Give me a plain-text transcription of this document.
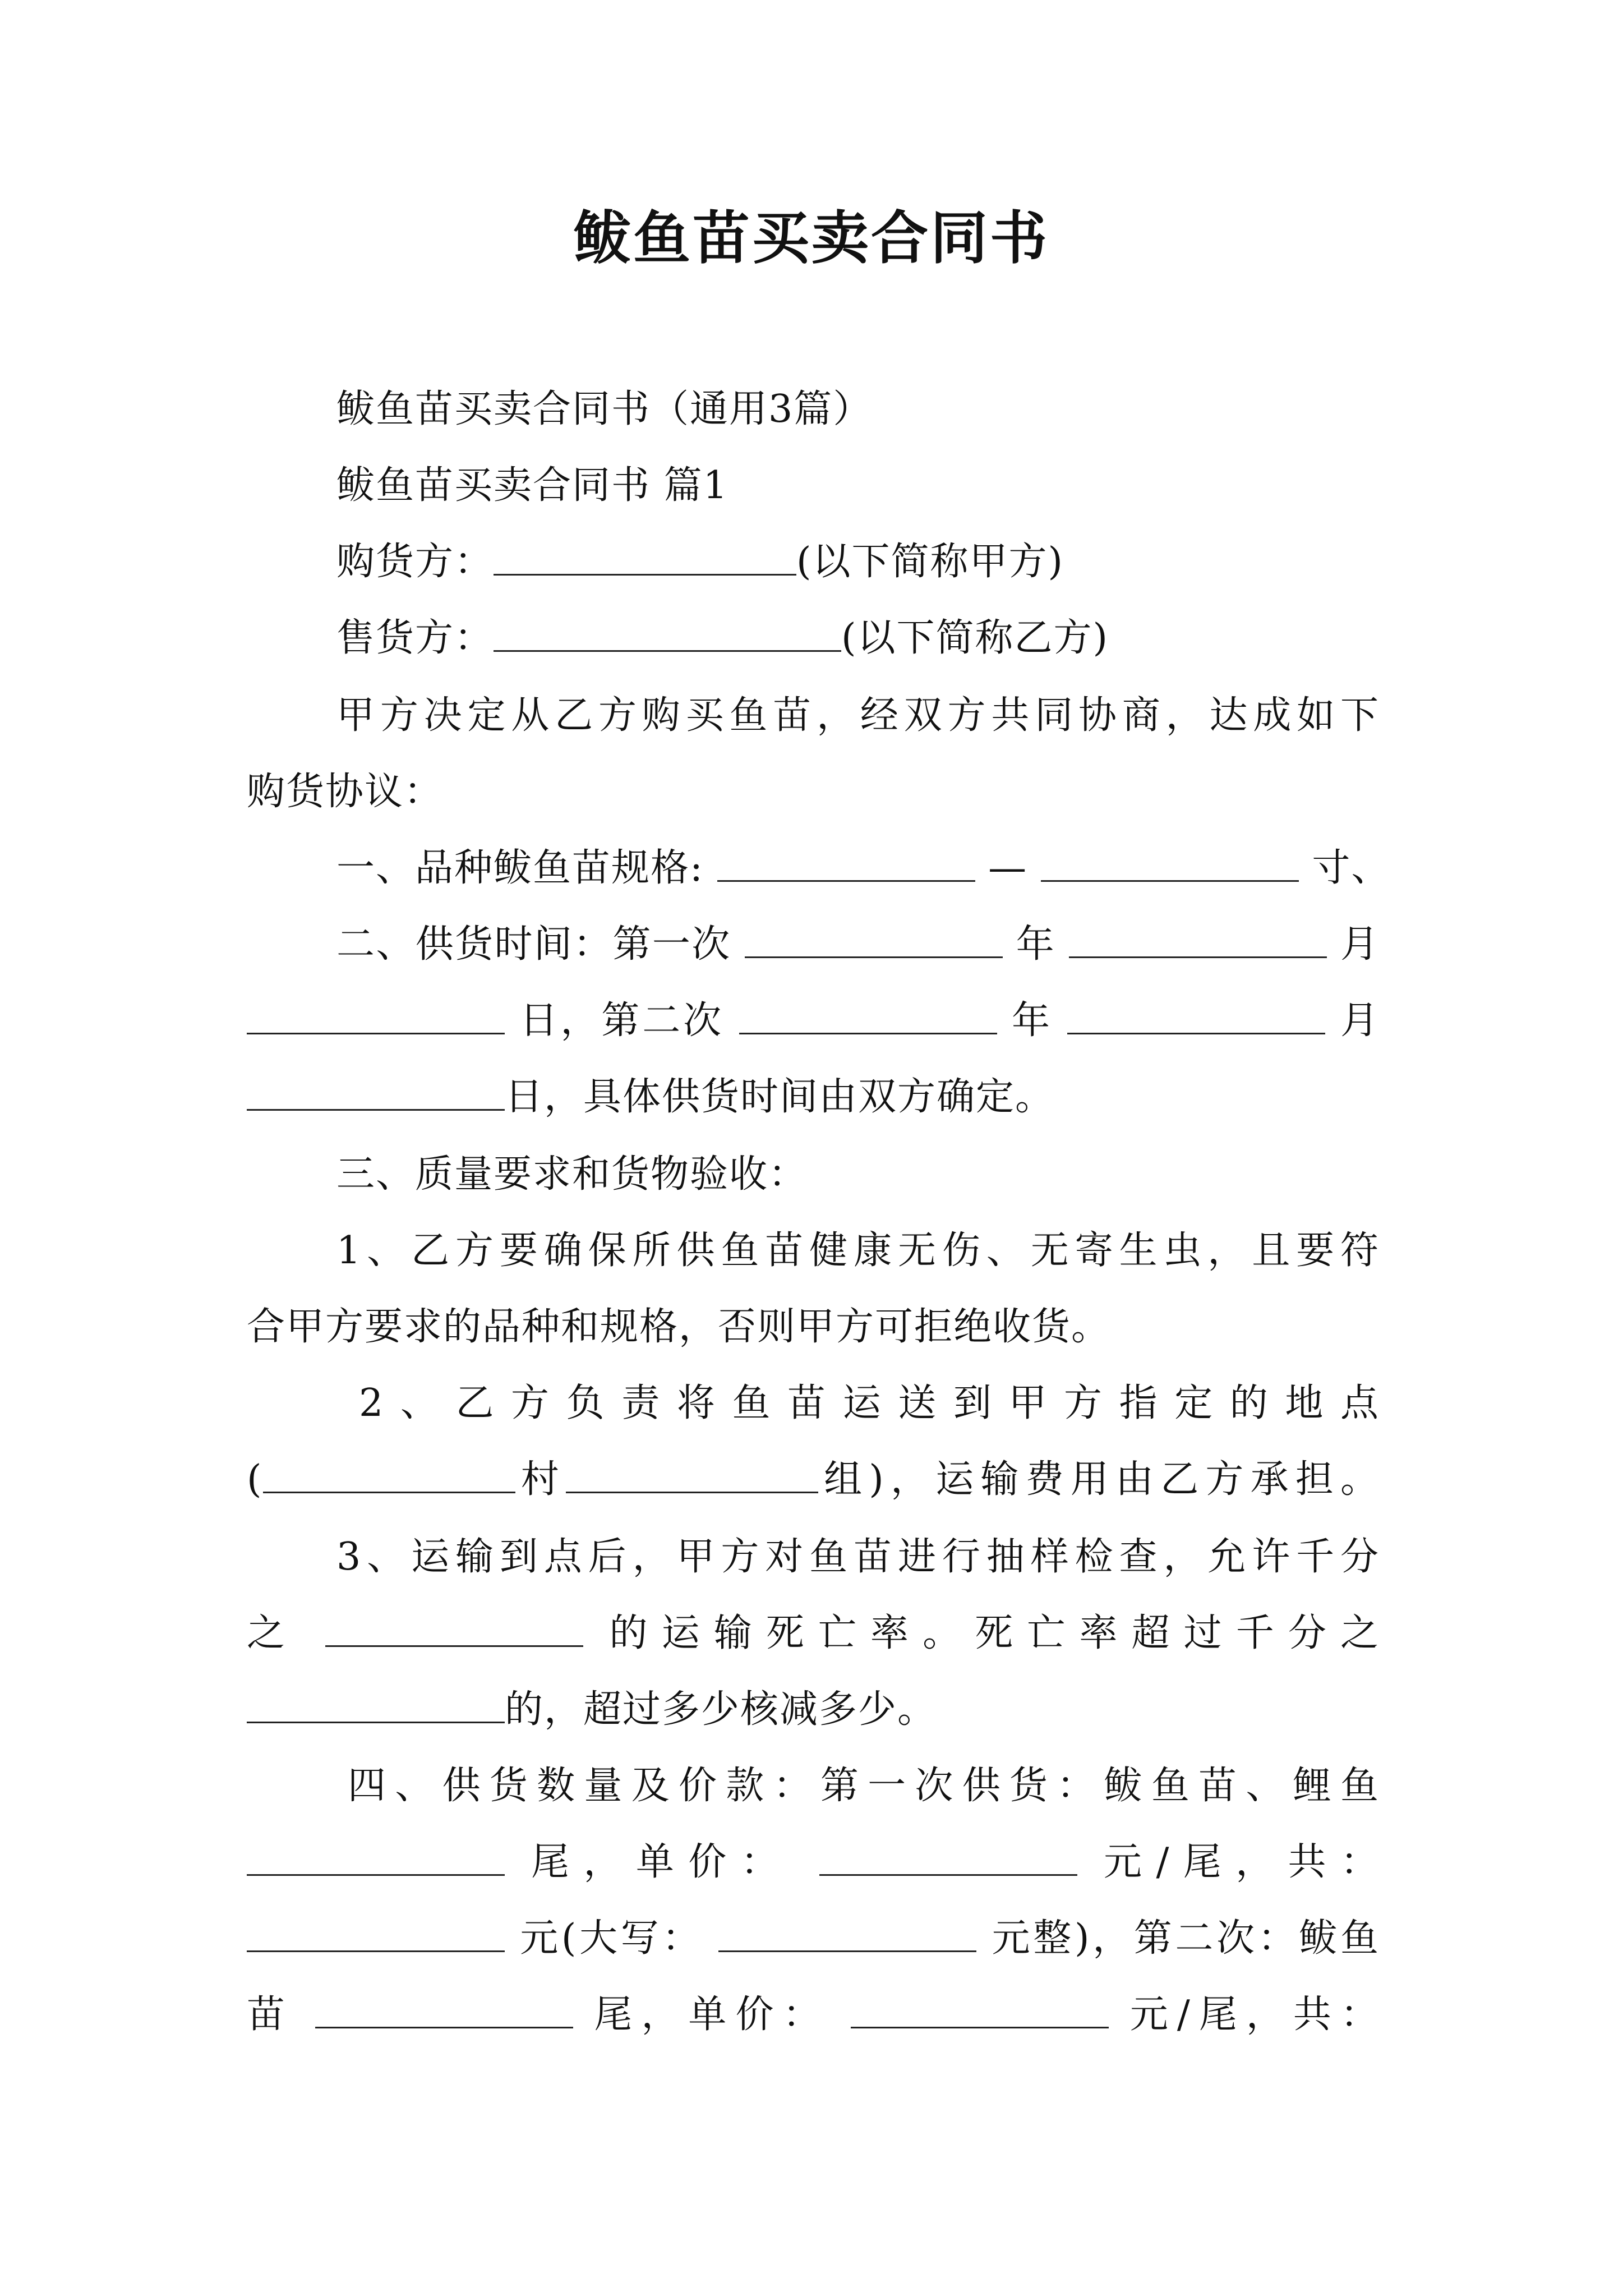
鲅鱼苗买卖合同书
鲅鱼苗买卖合同书（通用3篇）
鲅鱼苗买卖合同书 篇1
购货方：	(以下简称甲方)
售货方：	(以下简称乙方)
甲方决定从乙方购买鱼苗，经双方共同协商，达成如下
购货协议：
一、品种鲅鱼苗规格:	—	寸、
二、供货时间：第一次	年	月
日，第二次	年	月
日，具体供货时间由双方确定。
三、质量要求和货物验收：
1、乙方要确保所供鱼苗健康无伤、无寄生虫，且要符
合甲方要求的品种和规格，否则甲方可拒绝收货。
2、乙方负责将鱼苗运送到甲方指定的地点
(	村	组)，运输费用由乙方承担。
3、运输到点后，甲方对鱼苗进行抽样检查，允许千分
之	的运输死亡率。死亡率超过千分之
的，超过多少核减多少。
四、供货数量及价款：第一次供货：鲅鱼苗、鲤鱼
尾，单价：	元/尾，共：
元(大写：	元整)，第二次：鲅鱼
苗	尾，单价：	元/尾，共：
